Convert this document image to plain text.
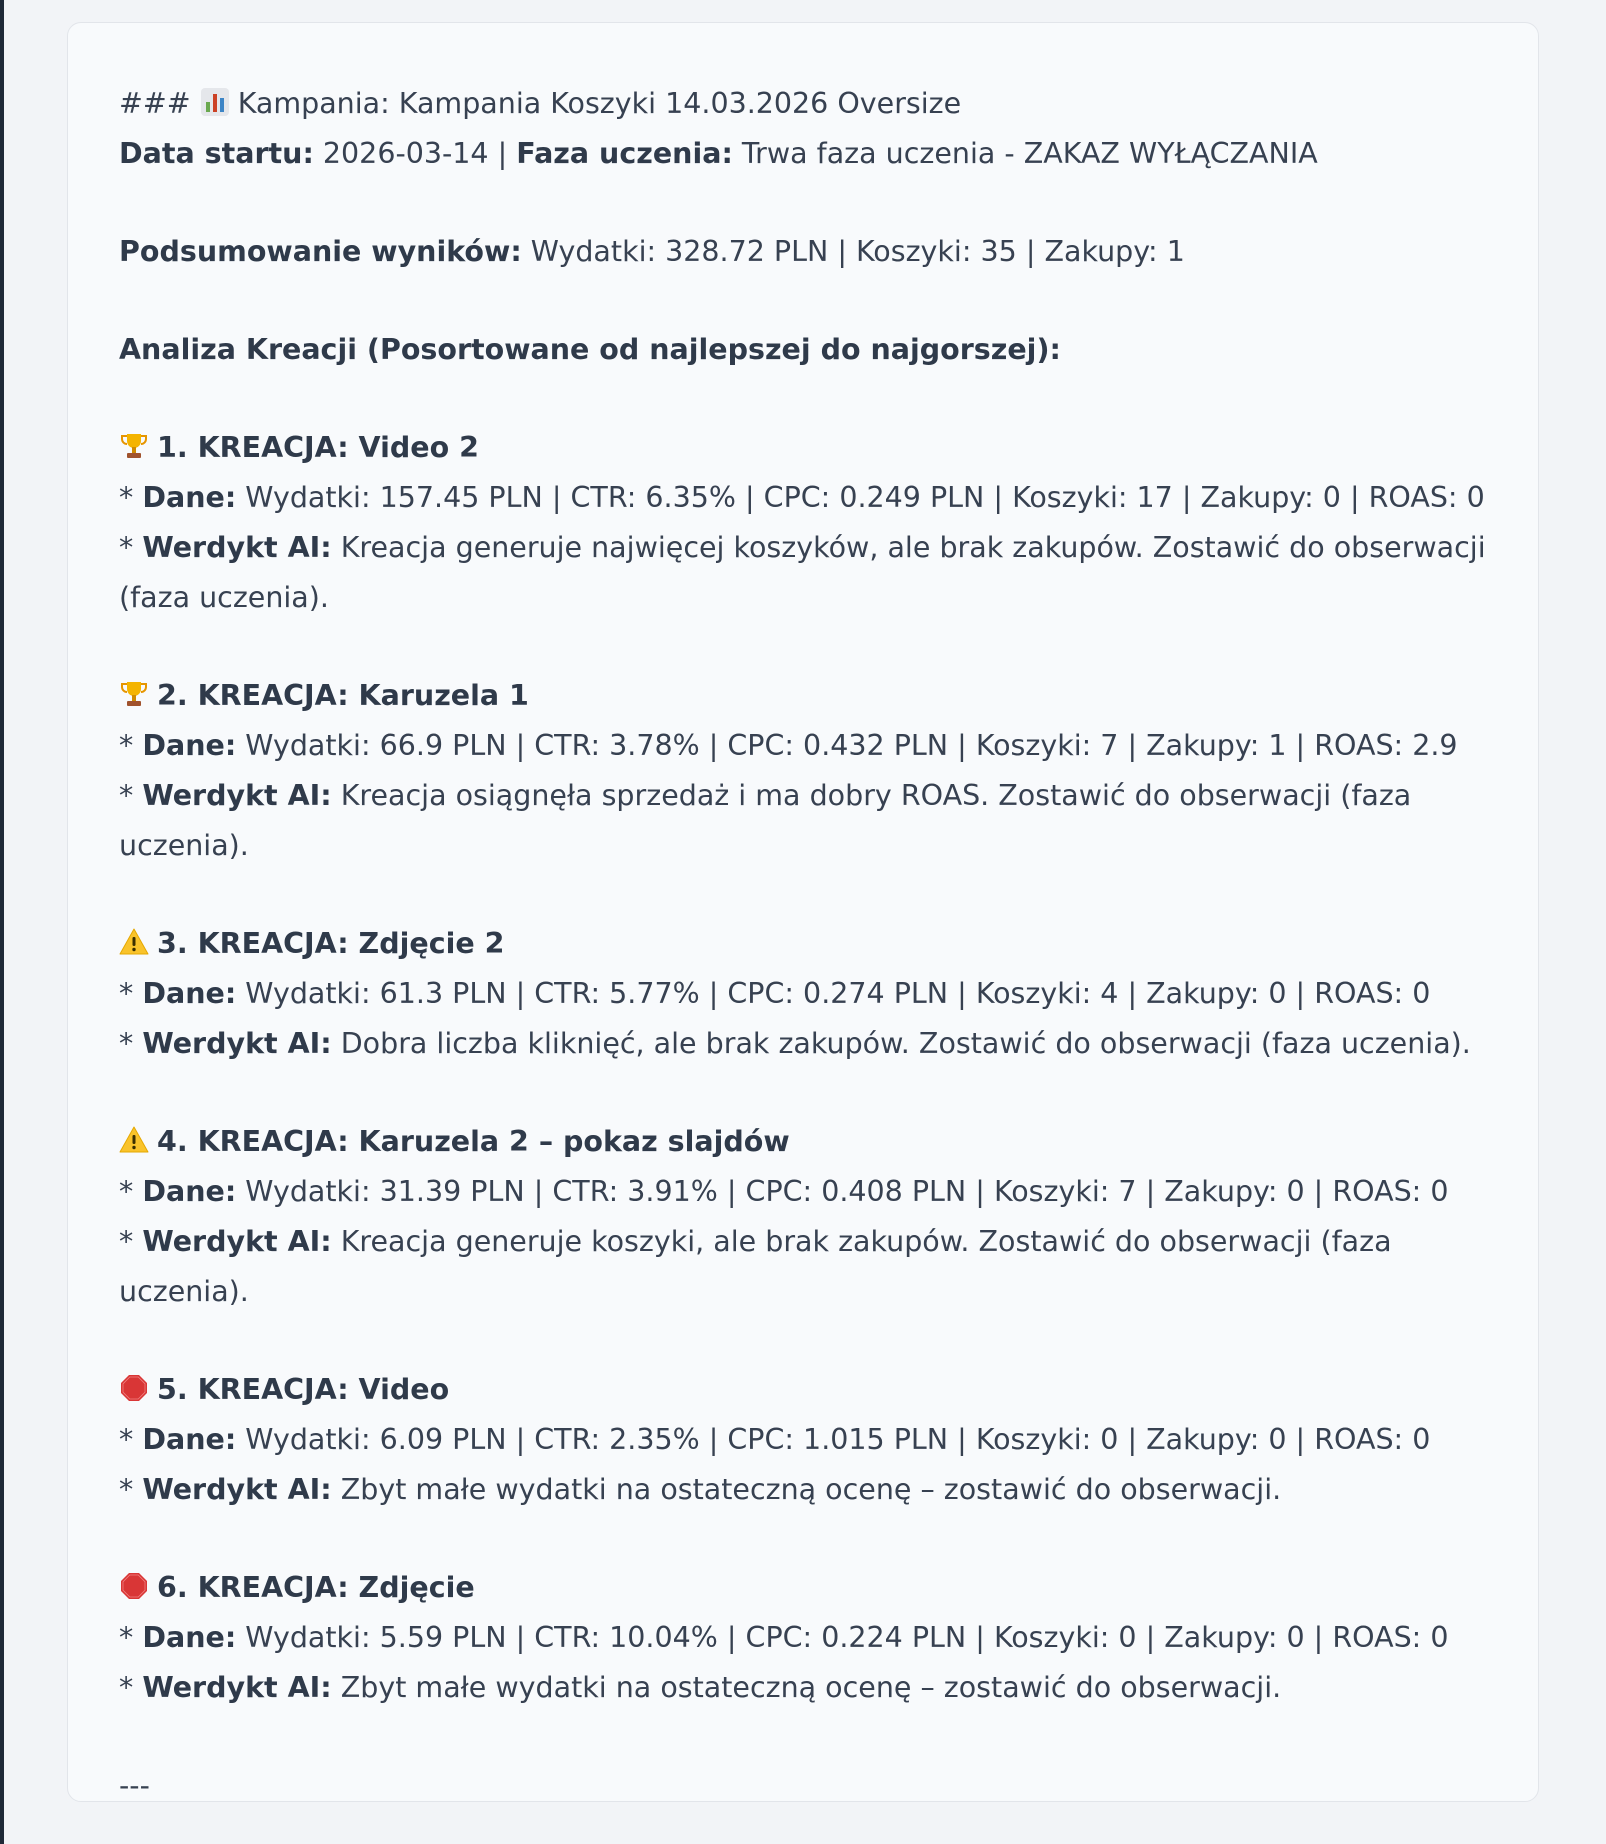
### Kampania: Kampania Koszyki 14.03.2026 Oversize

Data startu: 2026-03-14 | Faza uczenia: Trwa faza uczenia - ZAKAZ WYŁĄCZANIA

Podsumowanie wyników: Wydatki: 328.72 PLN | Koszyki: 35 | Zakupy: 1

Analiza Kreacji (Posortowane od najlepszej do najgorszej):

1. KREACJA: Video 2

* Dane: Wydatki: 157.45 PLN | CTR: 6.35% | CPC: 0.249 PLN | Koszyki: 17 | Zakupy: 0 | ROAS: 0

* Werdykt AI: Kreacja generuje najwięcej koszyków, ale brak zakupów. Zostawić do obserwacji (faza uczenia).

2. KREACJA: Karuzela 1

* Dane: Wydatki: 66.9 PLN | CTR: 3.78% | CPC: 0.432 PLN | Koszyki: 7 | Zakupy: 1 | ROAS: 2.9

* Werdykt AI: Kreacja osiągnęła sprzedaż i ma dobry ROAS. Zostawić do obserwacji (faza uczenia).

3. KREACJA: Zdjęcie 2

* Dane: Wydatki: 61.3 PLN | CTR: 5.77% | CPC: 0.274 PLN | Koszyki: 4 | Zakupy: 0 | ROAS: 0

* Werdykt AI: Dobra liczba kliknięć, ale brak zakupów. Zostawić do obserwacji (faza uczenia).

4. KREACJA: Karuzela 2 – pokaz slajdów

* Dane: Wydatki: 31.39 PLN | CTR: 3.91% | CPC: 0.408 PLN | Koszyki: 7 | Zakupy: 0 | ROAS: 0

* Werdykt AI: Kreacja generuje koszyki, ale brak zakupów. Zostawić do obserwacji (faza uczenia).

5. KREACJA: Video

* Dane: Wydatki: 6.09 PLN | CTR: 2.35% | CPC: 1.015 PLN | Koszyki: 0 | Zakupy: 0 | ROAS: 0

* Werdykt AI: Zbyt małe wydatki na ostateczną ocenę – zostawić do obserwacji.

6. KREACJA: Zdjęcie

* Dane: Wydatki: 5.59 PLN | CTR: 10.04% | CPC: 0.224 PLN | Koszyki: 0 | Zakupy: 0 | ROAS: 0

* Werdykt AI: Zbyt małe wydatki na ostateczną ocenę – zostawić do obserwacji.

---
